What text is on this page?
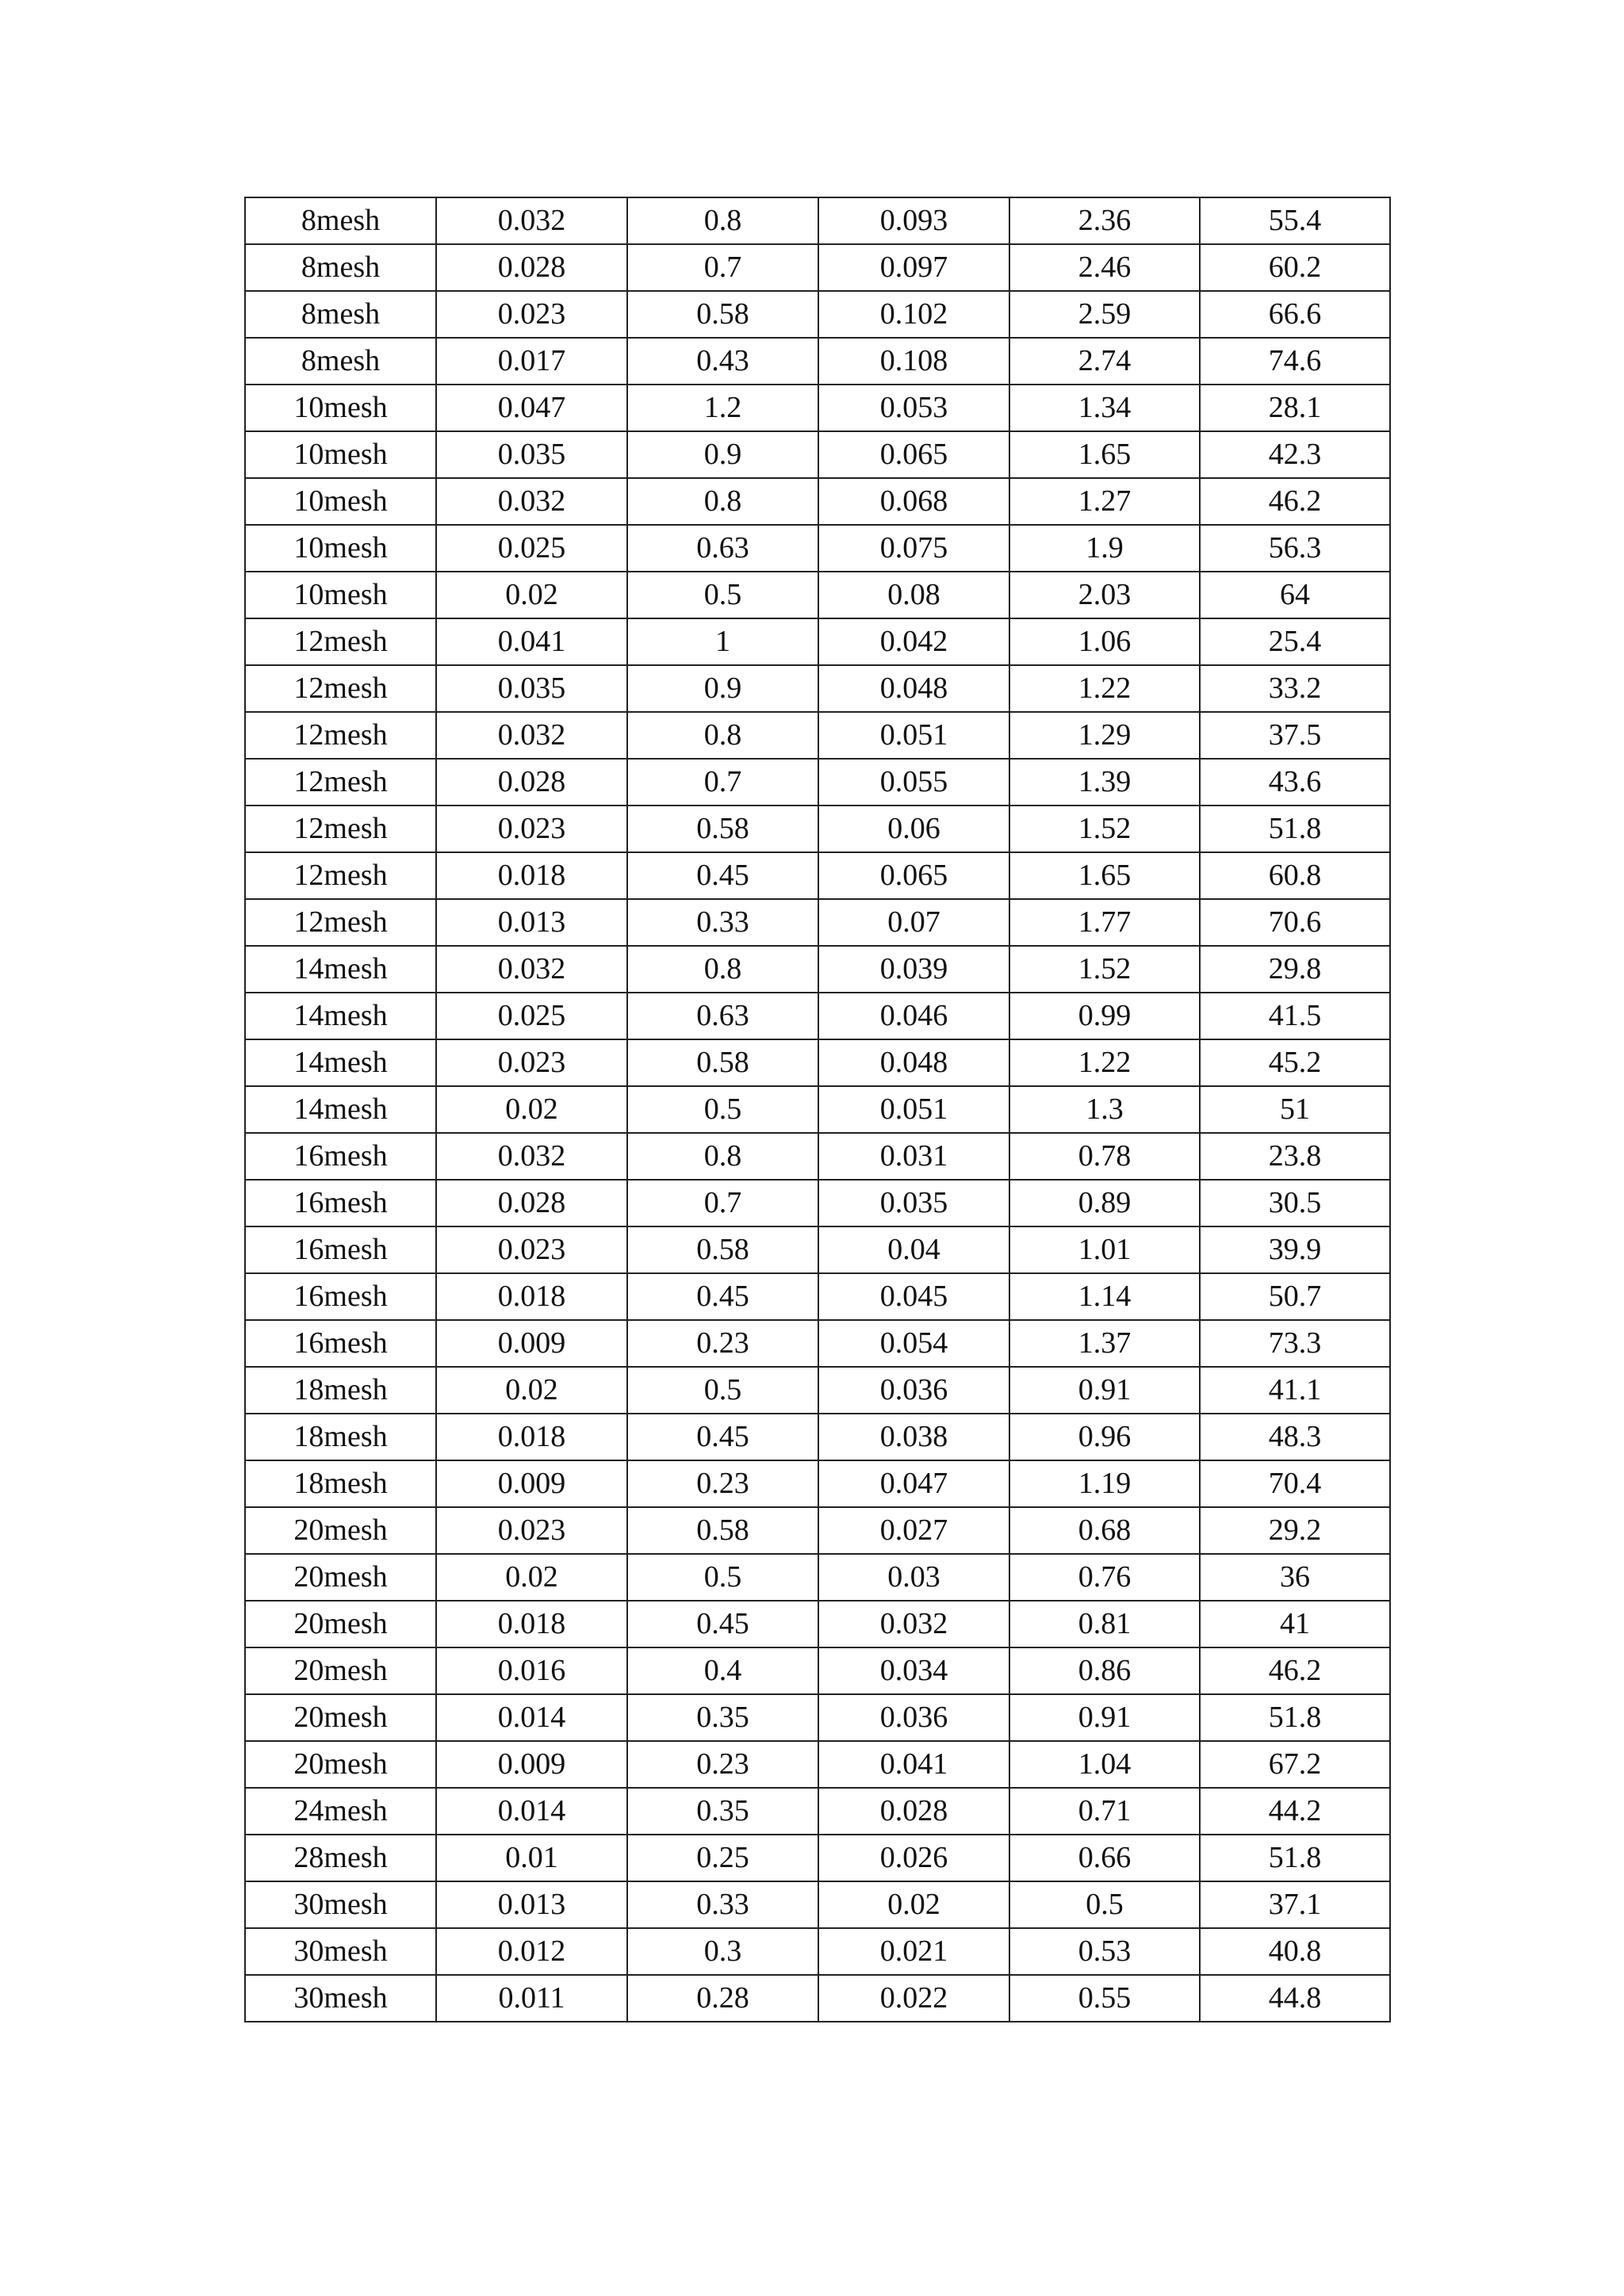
8mesh	0.032	0.8	0.093	2.36	55.4
8mesh	0.028	0.7	0.097	2.46	60.2
8mesh	0.023	0.58	0.102	2.59	66.6
8mesh	0.017	0.43	0.108	2.74	74.6
10mesh	0.047	1.2	0.053	1.34	28.1
10mesh	0.035	0.9	0.065	1.65	42.3
10mesh	0.032	0.8	0.068	1.27	46.2
10mesh	0.025	0.63	0.075	1.9	56.3
10mesh	0.02	0.5	0.08	2.03	64
12mesh	0.041	1	0.042	1.06	25.4
12mesh	0.035	0.9	0.048	1.22	33.2
12mesh	0.032	0.8	0.051	1.29	37.5
12mesh	0.028	0.7	0.055	1.39	43.6
12mesh	0.023	0.58	0.06	1.52	51.8
12mesh	0.018	0.45	0.065	1.65	60.8
12mesh	0.013	0.33	0.07	1.77	70.6
14mesh	0.032	0.8	0.039	1.52	29.8
14mesh	0.025	0.63	0.046	0.99	41.5
14mesh	0.023	0.58	0.048	1.22	45.2
14mesh	0.02	0.5	0.051	1.3	51
16mesh	0.032	0.8	0.031	0.78	23.8
16mesh	0.028	0.7	0.035	0.89	30.5
16mesh	0.023	0.58	0.04	1.01	39.9
16mesh	0.018	0.45	0.045	1.14	50.7
16mesh	0.009	0.23	0.054	1.37	73.3
18mesh	0.02	0.5	0.036	0.91	41.1
18mesh	0.018	0.45	0.038	0.96	48.3
18mesh	0.009	0.23	0.047	1.19	70.4
20mesh	0.023	0.58	0.027	0.68	29.2
20mesh	0.02	0.5	0.03	0.76	36
20mesh	0.018	0.45	0.032	0.81	41
20mesh	0.016	0.4	0.034	0.86	46.2
20mesh	0.014	0.35	0.036	0.91	51.8
20mesh	0.009	0.23	0.041	1.04	67.2
24mesh	0.014	0.35	0.028	0.71	44.2
28mesh	0.01	0.25	0.026	0.66	51.8
30mesh	0.013	0.33	0.02	0.5	37.1
30mesh	0.012	0.3	0.021	0.53	40.8
30mesh	0.011	0.28	0.022	0.55	44.8
